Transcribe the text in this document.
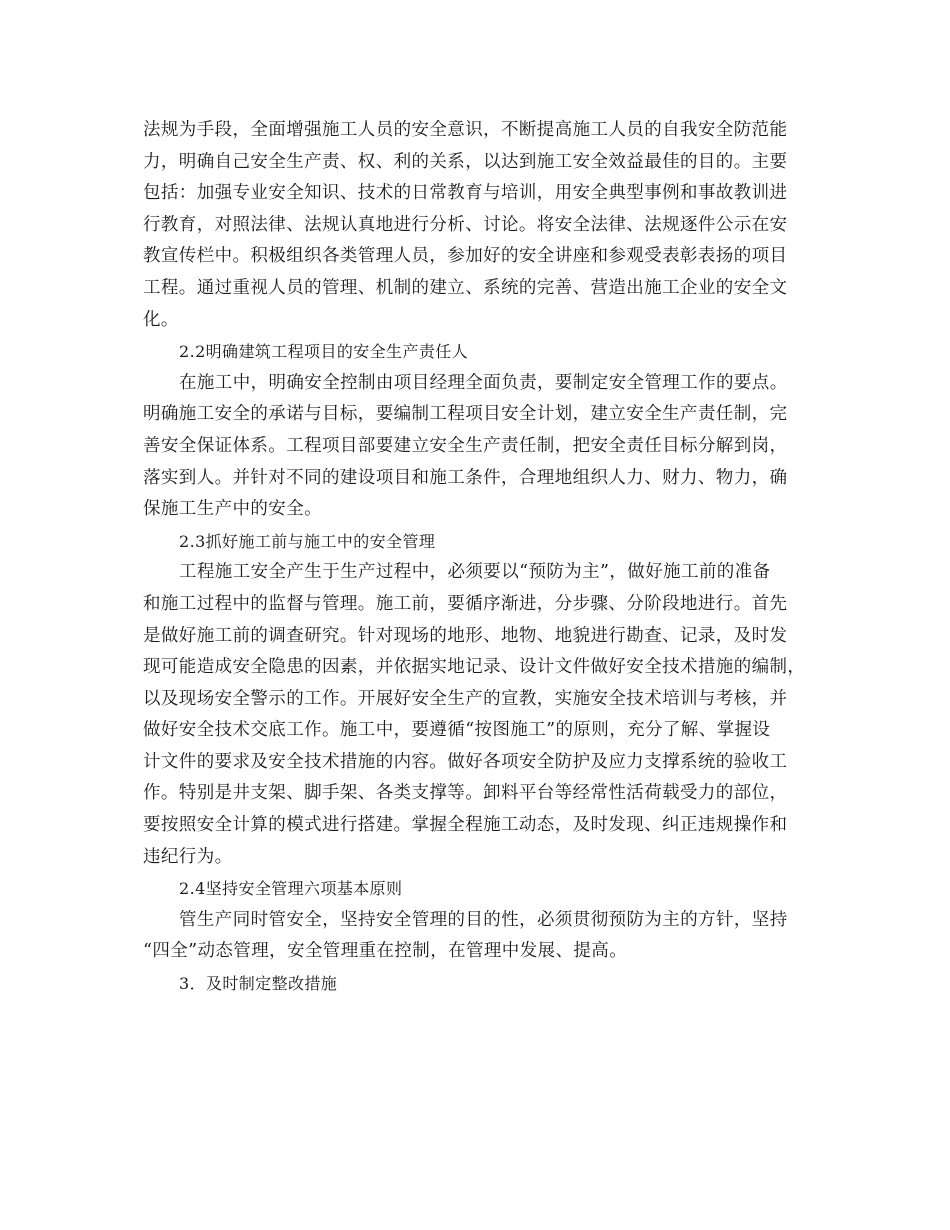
法规为手段，全面增强施工人员的安全意识，不断提高施工人员的自我安全防范能
力，明确自己安全生产责、权、利的关系，以达到施工安全效益最佳的目的。主要
包括：加强专业安全知识、技术的日常教育与培训，用安全典型事例和事故教训进
行教育，对照法律、法规认真地进行分析、讨论。将安全法律、法规逐件公示在安
教宣传栏中。积极组织各类管理人员，参加好的安全讲座和参观受表彰表扬的项目
工程。通过重视人员的管理、机制的建立、系统的完善、营造出施工企业的安全文
化。
2.2明确建筑工程项目的安全生产责任人
在施工中，明确安全控制由项目经理全面负责，要制定安全管理工作的要点。
明确施工安全的承诺与目标，要编制工程项目安全计划，建立安全生产责任制，完
善安全保证体系。工程项目部要建立安全生产责任制，把安全责任目标分解到岗，
落实到人。并针对不同的建设项目和施工条件，合理地组织人力、财力、物力，确
保施工生产中的安全。
2.3抓好施工前与施工中的安全管理
工程施工安全产生于生产过程中，必须要以“预防为主”，做好施工前的准备
和施工过程中的监督与管理。施工前，要循序渐进，分步骤、分阶段地进行。首先
是做好施工前的调查研究。针对现场的地形、地物、地貌进行勘查、记录，及时发
现可能造成安全隐患的因素，并依据实地记录、设计文件做好安全技术措施的编制，
以及现场安全警示的工作。开展好安全生产的宣教，实施安全技术培训与考核，并
做好安全技术交底工作。施工中，要遵循“按图施工”的原则，充分了解、掌握设
计文件的要求及安全技术措施的内容。做好各项安全防护及应力支撑系统的验收工
作。特别是井支架、脚手架、各类支撑等。卸料平台等经常性活荷载受力的部位，
要按照安全计算的模式进行搭建。掌握全程施工动态，及时发现、纠正违规操作和
违纪行为。
2.4坚持安全管理六项基本原则
管生产同时管安全，坚持安全管理的目的性，必须贯彻预防为主的方针，坚持
“四全”动态管理，安全管理重在控制，在管理中发展、提高。
3．及时制定整改措施
